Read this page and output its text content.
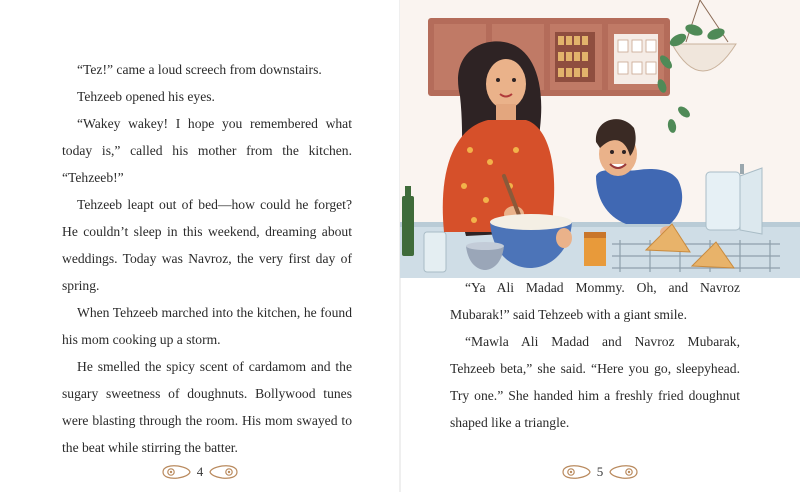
“Tez!” came a loud screech from downstairs.

Tehzeeb opened his eyes.

“Wakey wakey! I hope you remembered what today is,” called his mother from the kitchen. “Tehzeeb!”

Tehzeeb leapt out of bed—how could he forget? He couldn’t sleep in this weekend, dreaming about weddings. Today was Navroz, the very first day of spring.

When Tehzeeb marched into the kitchen, he found his mom cooking up a storm.

He smelled the spicy scent of cardamom and the sugary sweetness of doughnuts. Bollywood tunes were blasting through the room. His mom swayed to the beat while stirring the batter.

4

“Ya Ali Madad Mommy. Oh, and Navroz Mubarak!” said Tehzeeb with a giant smile.

“Mawla Ali Madad and Navroz Mubarak, Tehzeeb beta,” she said. “Here you go, sleepyhead. Try one.” She handed him a freshly fried doughnut shaped like a triangle.

5
